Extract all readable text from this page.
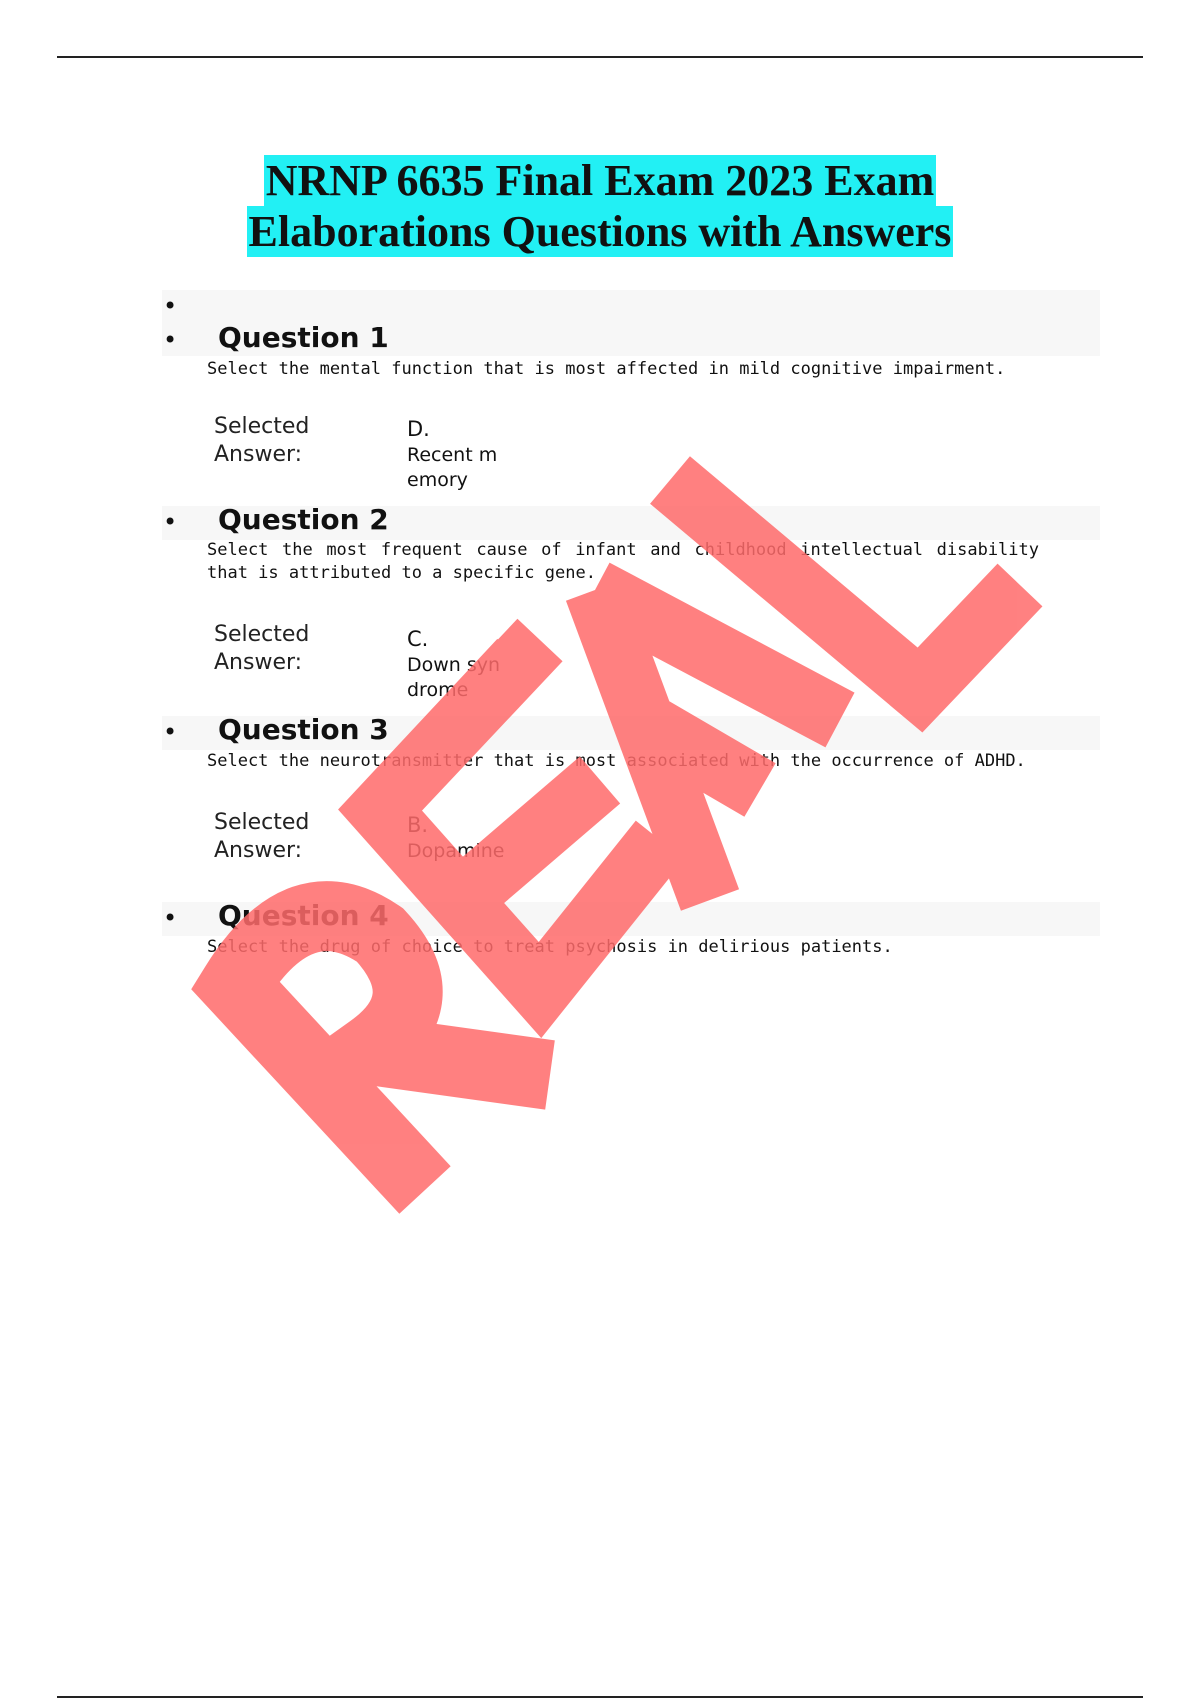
NRNP 6635 Final Exam 2023 Exam
Elaborations Questions with Answers
•
• Question 1
Select the mental function that is most affected in mild cognitive impairment.
Selected Answer:
D.
Recent memory
• Question 2
Select the most frequent cause of infant and childhood intellectual disability that is attributed to a specific gene.
Selected Answer:
C.
Down syndrome
• Question 3
Select the neurotransmitter that is most associated with the occurrence of ADHD.
Selected Answer:
B.
Dopamine
• Question 4
Select the drug of choice to treat psychosis in delirious patients.
